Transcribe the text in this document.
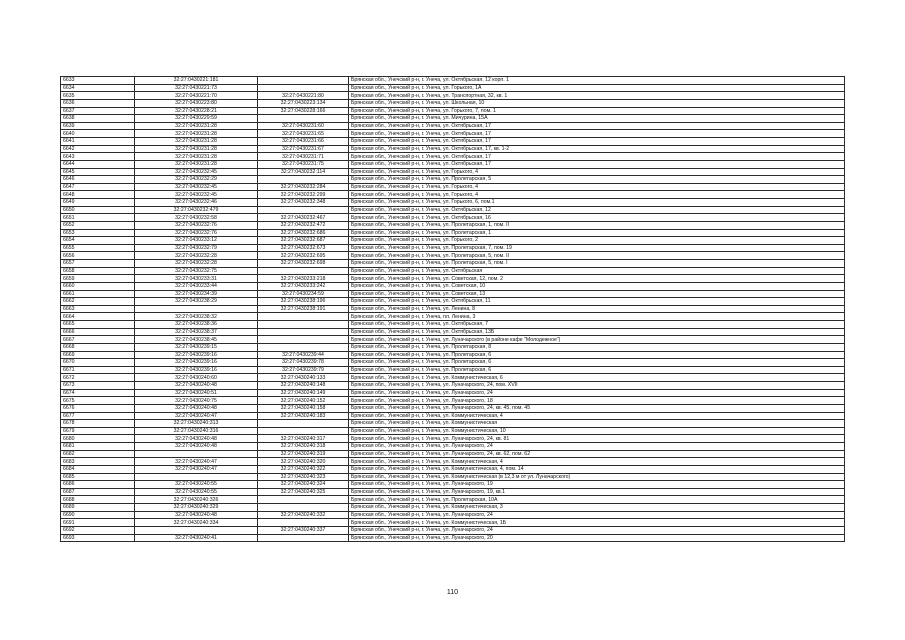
6633	32:27:0430221:181		Брянская обл., Унечский р-н, г. Унеча, ул. Октябрьская, 12 корп. 1
6634	32:27:0430221:73		Брянская обл., Унечский р-н, г. Унеча, ул. Горького, 1А
6635	32:27:0430221:70	32:27:0430221:80	Брянская обл., Унечский р-н, г. Унеча, ул. Транспортная, 32, кв. 1
6636	32:27:0430223:80	32:27:0430223:134	Брянская обл., Унечский р-н, г. Унеча, ул. Школьная, 10
6637	32:27:0430228:21	32:27:0430228:166	Брянская обл., Унечский р-н, г. Унеча, ул. Горького, 7, пом. 1
6638	32:27:0430229:59		Брянская обл., Унечский р-н, г. Унеча, ул. Мичурина, 15А
6639	32:27:0430231:28	32:27:0430231:60	Брянская обл., Унечский р-н, г. Унеча, ул. Октябрьская, 17
6640	32:27:0430231:28	32:27:0430231:65	Брянская обл., Унечский р-н, г. Унеча, ул. Октябрьская, 17
6641	32:27:0430231:28	32:27:0430231:66	Брянская обл., Унечский р-н, г. Унеча, ул. Октябрьская, 17
6642	32:27:0430231:28	32:27:0430231:67	Брянская обл., Унечский р-н, г. Унеча, ул. Октябрьская, 17, кв. 1-2
6643	32:27:0430231:28	32:27:0430231:71	Брянская обл., Унечский р-н, г. Унеча, ул. Октябрьская, 17
6644	32:27:0430231:28	32:27:0430231:75	Брянская обл., Унечский р-н, г. Унеча, ул. Октябрьская, 17
6645	32:27:0430232:45	32:27:0430232:114	Брянская обл., Унечский р-н, г. Унеча, ул. Горького, 4
6646	32:27:0430232:29		Брянская обл., Унечский р-н, г. Унеча, ул. Пролетарская, 5
6647	32:27:0430232:45	32:27:0430232:284	Брянская обл., Унечский р-н, г. Унеча, ул. Горького, 4
6648	32:27:0430232:45	32:27:0430232:299	Брянская обл., Унечский р-н, г. Унеча, ул. Горького, 4
6649	32:27:0430232:46	32:27:0430232:348	Брянская обл., Унечский р-н, г. Унеча, ул. Горького, 6, пом.1
6650	32:27:0430232:479		Брянская обл., Унечский р-н, г. Унеча, ул. Октябрьская, 12
6651	32:27:0430232:58	32:27:0430232:467	Брянская обл., Унечский р-н, г. Унеча, ул. Октябрьская, 16
6652	32:27:0430232:76	32:27:0430232:472	Брянская обл., Унечский р-н, г. Унеча, ул. Пролетарская, 1, пом. II
6653	32:27:0430232:76	32:27:0430232:686	Брянская обл., Унечский р-н, г. Унеча, ул. Пролетарская, 1
6654	32:27:0430233:12	32:27:0430232:687	Брянская обл., Унечский р-н, г. Унеча, ул. Горького, 2
6655	32:27:0430232:79	32:27:0430232:673	Брянская обл., Унечский р-н, г. Унеча, ул. Пролетарская, 7, пом. 19
6656	32:27:0430232:28	32:27:0430232:695	Брянская обл., Унечский р-н, г. Унеча, ул. Пролетарская, 5, пом. II
6657	32:27:0430232:28	32:27:0430232:698	Брянская обл., Унечский р-н, г. Унеча, ул. Пролетарская, 5, пом. I
6658	32:27:0430232:75		Брянская обл., Унечский р-н, г. Унеча, ул. Октябрьская
6659	32:27:0430233:31	32:27:0430233:218	Брянская обл., Унечский р-н, г. Унеча, ул. Советская, 12, пом. 2
6660	32:27:0430233:44	32:27:0430233:242	Брянская обл., Унечский р-н, г. Унеча, ул. Советская, 10
6661	32:27:0430234:39	32:27:0430234:59	Брянская обл., Унечский р-н, г. Унеча, ул. Советская, 13
6662	32:27:0430238:29	32:27:0430238:196	Брянская обл., Унечский р-н, г. Унеча, ул. Октябрьская, 11
6663		32:27:0430238:191	Брянская обл., Унечский р-н, г. Унеча, ул. Ленина, 8
6664	32:27:0430238:32		Брянская обл., Унечский р-н, г. Унеча, пл. Ленина, 3
6665	32:27:0430238:36		Брянская обл., Унечский р-н, г. Унеча, ул. Октябрьская, 7
6666	32:27:0430238:37		Брянская обл., Унечский р-н, г. Унеча, ул. Октябрьская, 13Б
6667	32:27:0430238:45		Брянская обл., Унечский р-н, г. Унеча, ул. Луначарского (в районе кафе "Молодежное")
6668	32:27:0430239:15		Брянская обл., Унечский р-н, г. Унеча, ул. Пролетарская, 8
6669	32:27:0430239:16	32:27:0430239:44	Брянская обл., Унечский р-н, г. Унеча, ул. Пролетарская, 6
6670	32:27:0430239:16	32:27:0430239:78	Брянская обл., Унечский р-н, г. Унеча, ул. Пролетарская, 6
6671	32:27:0430239:16	32:27:0430239:79	Брянская обл., Унечский р-н, г. Унеча, ул. Пролетарская, 6
6672	32:27:0430240:60	32:27:0430240:133	Брянская обл., Унечский р-н, г. Унеча, ул. Коммунистическая, 6
6673	32:27:0430240:48	32:27:0430240:148	Брянская обл., Унечский р-н, г. Унеча, ул. Луначарского, 24, пом. XVII
6674	32:27:0430240:51	32:27:0430240:149	Брянская обл., Унечский р-н, г. Унеча, ул. Луначарского, 24
6675	32:27:0430240:75	32:27:0430240:152	Брянская обл., Унечский р-н, г. Унеча, ул. Луначарского, 18
6676	32:27:0430240:48	32:27:0430240:158	Брянская обл., Унечский р-н, г. Унеча, ул. Луначарского, 24, кв. 45, пом. 45
6677	32:27:0430240:47	32:27:0430240:183	Брянская обл., Унечский р-н, г. Унеча, ул. Коммунистическая, 4
6678	32:27:0430240:313		Брянская обл., Унечский р-н, г. Унеча, ул. Коммунистическая
6679	32:27:0430240:316		Брянская обл., Унечский р-н, г. Унеча, ул. Коммунистическая, 10
6680	32:27:0430240:48	32:27:0430240:317	Брянская обл., Унечский р-н, г. Унеча, ул. Луначарского, 24, кв. 81
6681	32:27:0430240:48	32:27:0430240:318	Брянская обл., Унечский р-н, г. Унеча, ул. Луначарского, 24
6682		32:27:0430240:319	Брянская обл., Унечский р-н, г. Унеча, ул. Луначарского, 24, кв. 62, пом. 62
6683	32:27:0430240:47	32:27:0430240:320	Брянская обл., Унечский р-н, г. Унеча, ул. Коммунистическая, 4
6684	32:27:0430240:47	32:27:0430240:322	Брянская обл., Унечский р-н, г. Унеча, ул. Коммунистическая, 4, пом. 14
6685		32:27:0430240:323	Брянская обл., Унечский р-н, г. Унеча, ул. Коммунистическая (в 12,3 м от ул. Луначарского)
6686	32:27:0430240:55	32:27:0430240:324	Брянская обл., Унечский р-н, г. Унеча, ул. Луначарского, 19
6687	32:27:0430240:55	32:27:0430240:325	Брянская обл., Унечский р-н, г. Унеча, ул. Луначарского, 19, кв.1
6688	32:27:0430240:326		Брянская обл., Унечский р-н, г. Унеча, ул. Пролетарская, 10А
6689	32:27:0430240:329		Брянская обл., Унечский р-н, г. Унеча, ул. Коммунистическая, 3
6690	32:27:0430240:48	32:27:0430240:332	Брянская обл., Унечский р-н, г. Унеча, ул. Луначарского, 24
6691	32:27:0430240:334		Брянская обл., Унечский р-н, г. Унеча, ул. Коммунистическая, 1Б
6692		32:27:0430240:337	Брянская обл., Унечский р-н, г. Унеча, ул. Луначарского, 24
6693	32:27:0430240:41		Брянская обл., Унечский р-н, г. Унеча, ул. Луначарского, 20
110
